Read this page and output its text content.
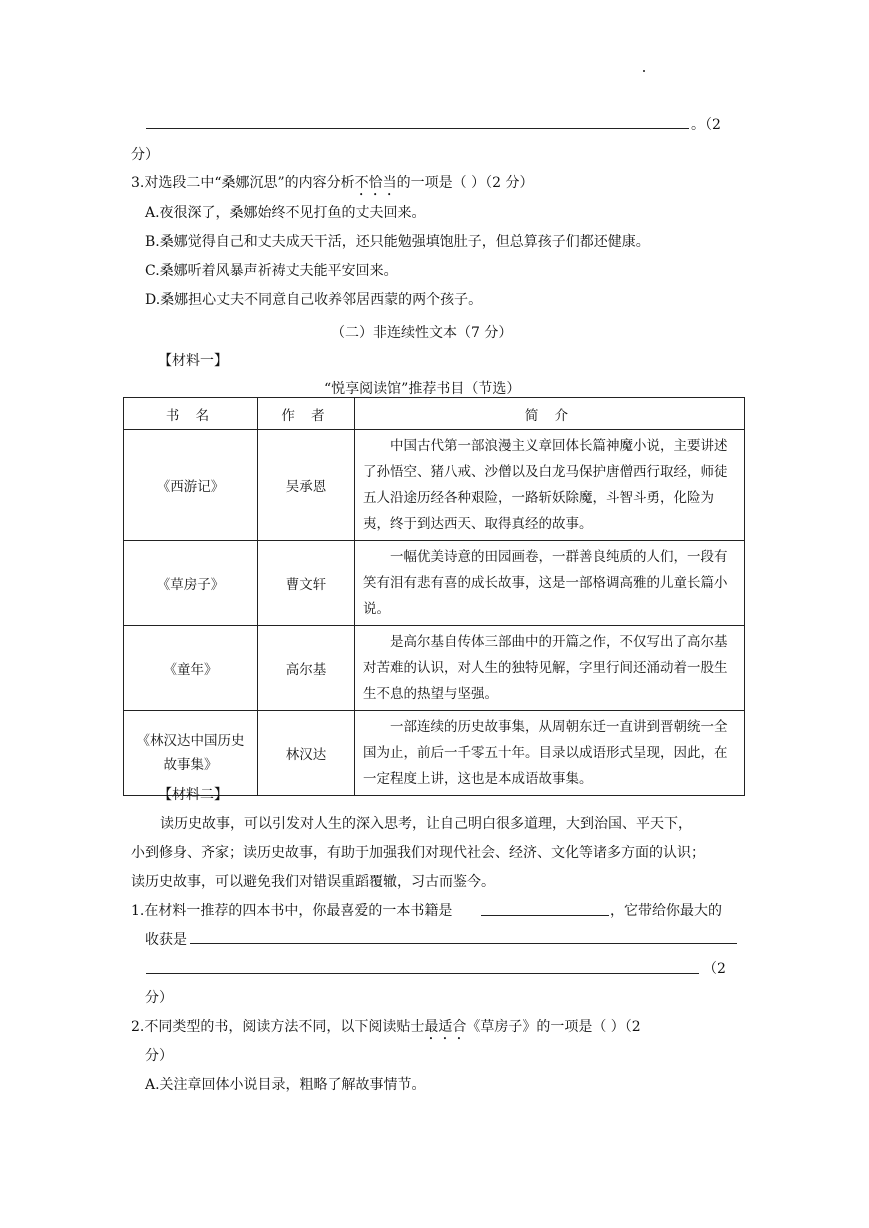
。（2
分）
3.对选段二中“桑娜沉思”的内容分析不恰当的一项是（ ）（2 分）
A.夜很深了，桑娜始终不见打鱼的丈夫回来。
B.桑娜觉得自己和丈夫成天干活，还只能勉强填饱肚子，但总算孩子们都还健康。
C.桑娜听着风暴声祈祷丈夫能平安回来。
D.桑娜担心丈夫不同意自己收养邻居西蒙的两个孩子。
（二）非连续性文本（7 分）
【材料一】
“悦享阅读馆”推荐书目（节选）
书 名	作 者	简 介
《西游记》	吴承恩	中国古代第一部浪漫主义章回体长篇神魔小说，主要讲述了孙悟空、猪八戒、沙僧以及白龙马保护唐僧西行取经，师徒五人沿途历经各种艰险，一路斩妖除魔，斗智斗勇，化险为夷，终于到达西天、取得真经的故事。
《草房子》	曹文轩	一幅优美诗意的田园画卷，一群善良纯质的人们，一段有笑有泪有悲有喜的成长故事，这是一部格调高雅的儿童长篇小说。
《童年》	高尔基	是高尔基自传体三部曲中的开篇之作，不仅写出了高尔基对苦难的认识，对人生的独特见解，字里行间还涌动着一股生生不息的热望与坚强。
《林汉达中国历史故事集》	林汉达	一部连续的历史故事集，从周朝东迁一直讲到晋朝统一全国为止，前后一千零五十年。目录以成语形式呈现，因此，在一定程度上讲，这也是本成语故事集。
【材料二】
读历史故事，可以引发对人生的深入思考，让自己明白很多道理，大到治国、平天下，
小到修身、齐家；读历史故事，有助于加强我们对现代社会、经济、文化等诸多方面的认识；
读历史故事，可以避免我们对错误重蹈覆辙，习古而鉴今。
1.在材料一推荐的四本书中，你最喜爱的一本书籍是	，它带给你最大的
收获是
（2
分）
2.不同类型的书，阅读方法不同，以下阅读贴士最适合《草房子》的一项是（ ）（2
分）
A.关注章回体小说目录，粗略了解故事情节。
